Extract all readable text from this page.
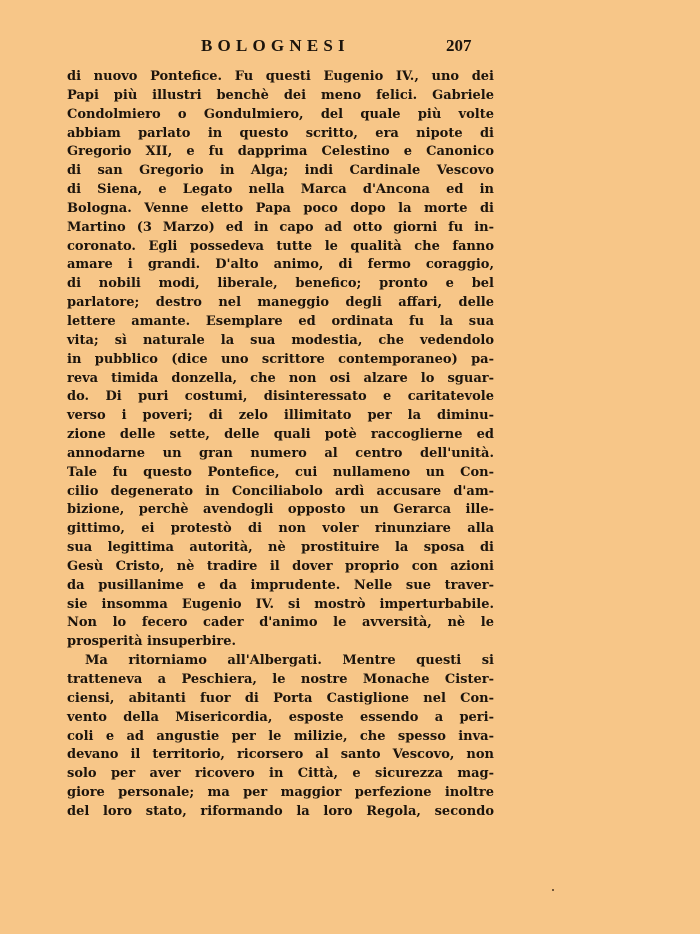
BOLOGNESI	207
di nuovo Pontefice. Fu questi Eugenio IV., uno dei
Papi più illustri benchè dei meno felici. Gabriele
Condolmiero o Gondulmiero, del quale più volte
abbiam parlato in questo scritto, era nipote di
Gregorio XII, e fu dapprima Celestino e Canonico
di san Gregorio in Alga; indi Cardinale Vescovo
di Siena, e Legato nella Marca d'Ancona ed in
Bologna. Venne eletto Papa poco dopo la morte di
Martino (3 Marzo) ed in capo ad otto giorni fu in-
coronato. Egli possedeva tutte le qualità che fanno
amare i grandi. D'alto animo, di fermo coraggio,
di nobili modi, liberale, benefico; pronto e bel
parlatore; destro nel maneggio degli affari, delle
lettere amante. Esemplare ed ordinata fu la sua
vita; sì naturale la sua modestia, che vedendolo
in pubblico (dice uno scrittore contemporaneo) pa-
reva timida donzella, che non osi alzare lo sguar-
do. Di puri costumi, disinteressato e caritatevole
verso i poveri; di zelo illimitato per la diminu-
zione delle sette, delle quali potè raccoglierne ed
annodarne un gran numero al centro dell'unità.
Tale fu questo Pontefice, cui nullameno un Con-
cilio degenerato in Conciliabolo ardì accusare d'am-
bizione, perchè avendogli opposto un Gerarca ille-
gittimo, ei protestò di non voler rinunziare alla
sua legittima autorità, nè prostituire la sposa di
Gesù Cristo, nè tradire il dover proprio con azioni
da pusillanime e da imprudente. Nelle sue traver-
sie insomma Eugenio IV. si mostrò imperturbabile.
Non lo fecero cader d'animo le avversità, nè le
prosperità insuperbire.
Ma ritorniamo all'Albergati. Mentre questi si
tratteneva a Peschiera, le nostre Monache Cister-
ciensi, abitanti fuor di Porta Castiglione nel Con-
vento della Misericordia, esposte essendo a peri-
coli e ad angustie per le milizie, che spesso inva-
devano il territorio, ricorsero al santo Vescovo, non
solo per aver ricovero in Città, e sicurezza mag-
giore personale; ma per maggior perfezione inoltre
del loro stato, riformando la loro Regola, secondo
